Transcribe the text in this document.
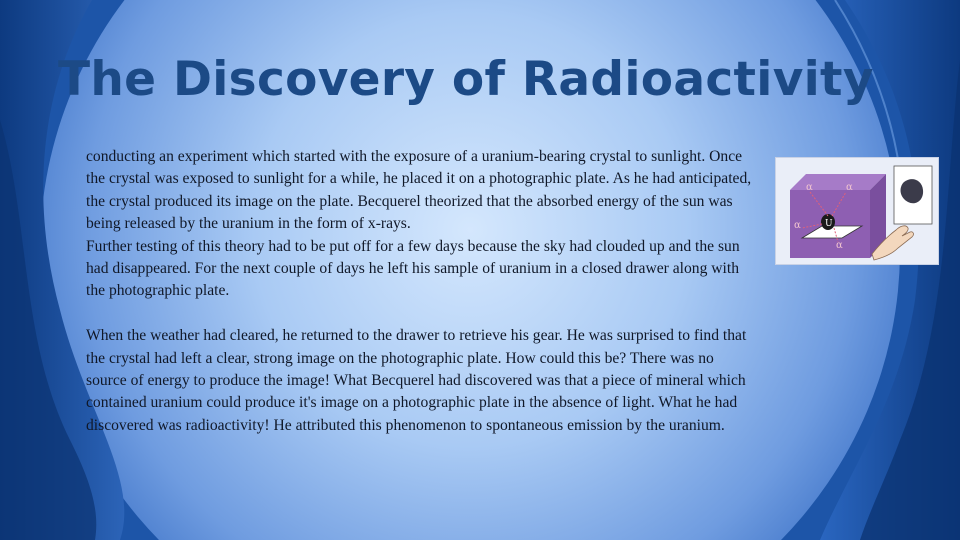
The Discovery of Radioactivity

conducting an experiment which started with the exposure of a uranium-bearing crystal to sunlight. Once the crystal was exposed to sunlight for a while, he placed it on a photographic plate. As he had anticipated, the crystal produced its image on the plate. Becquerel theorized that the absorbed energy of the sun was being released by the uranium in the form of x-rays.

Further testing of this theory had to be put off for a few days because the sky had clouded up and the sun had disappeared. For the next couple of days he left his sample of uranium in a closed drawer along with the photographic plate.

When the weather had cleared, he returned to the drawer to retrieve his gear. He was surprised to find that the crystal had left a clear, strong image on the photographic plate. How could this be? There was no source of energy to produce the image! What Becquerel had discovered was that a piece of mineral which contained uranium could produce it's image on a photographic plate in the absence of light. What he had discovered was radioactivity! He attributed this phenomenon to spontaneous emission by the uranium.

U
α	α
α
α
